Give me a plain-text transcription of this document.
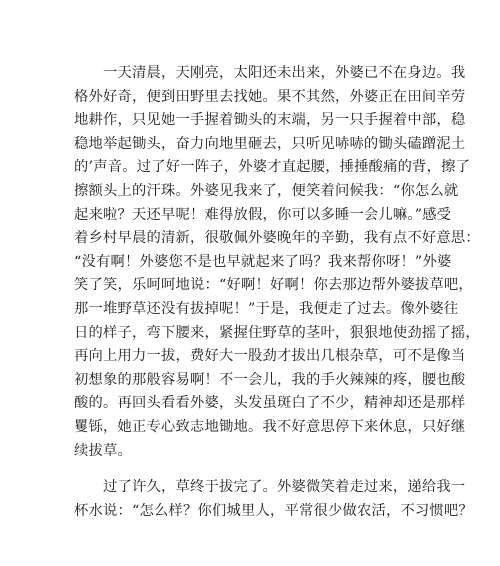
　　一天清晨，天刚亮，太阳还未出来，外婆已不在身边。我
格外好奇，便到田野里去找她。果不其然，外婆正在田间辛劳
地耕作，只见她一手握着锄头的末端，另一只手握着中部，稳
稳地举起锄头，奋力向地里砸去，只听见哧哧的锄头磕蹭泥土
的’声音。过了好一阵子，外婆才直起腰，捶捶酸痛的背，擦了
擦额头上的汗珠。外婆见我来了，便笑着问候我：“你怎么就
起来啦？天还早呢！难得放假，你可以多睡一会儿嘛。”感受
着乡村早晨的清新，很敬佩外婆晚年的辛勤，我有点不好意思：
“没有啊！外婆您不是也早就起来了吗？我来帮你呀！”外婆
笑了笑，乐呵呵地说：“好啊！好啊！你去那边帮外婆拔草吧，
那一堆野草还没有拔掉呢！”于是，我便走了过去。像外婆往
日的样子，弯下腰来，紧握住野草的茎叶，狠狠地使劲摇了摇，
再向上用力一拔，费好大一股劲才拔出几根杂草，可不是像当
初想象的那般容易啊！不一会儿，我的手火辣辣的疼，腰也酸
酸的。再回头看看外婆，头发虽斑白了不少，精神却还是那样
矍铄，她正专心致志地锄地。我不好意思停下来休息，只好继
续拔草。
　　过了许久，草终于拔完了。外婆微笑着走过来，递给我一
杯水说：“怎么样？你们城里人，平常很少做农活，不习惯吧？
